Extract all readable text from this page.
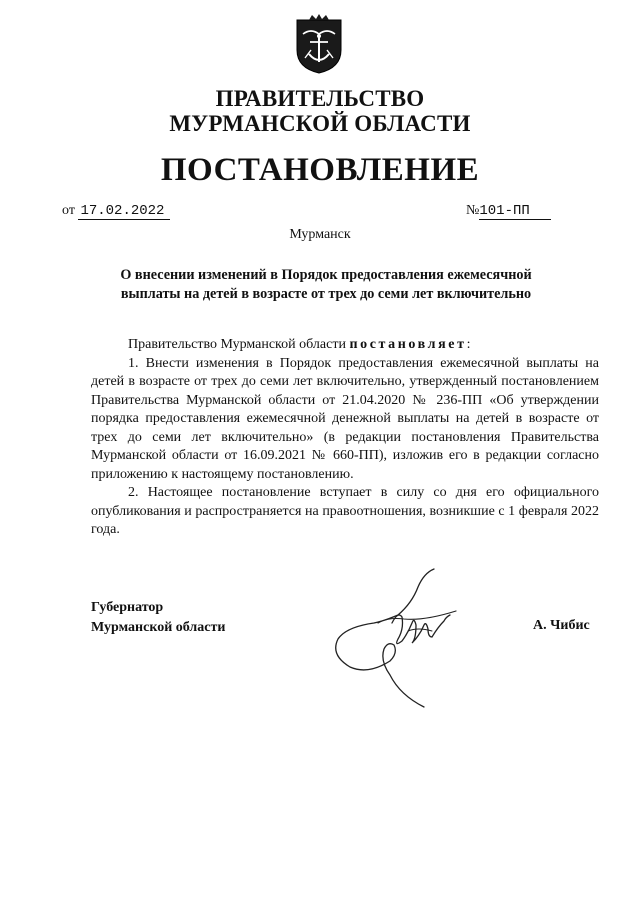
ПРАВИТЕЛЬСТВО
МУРМАНСКОЙ ОБЛАСТИ
ПОСТАНОВЛЕНИЕ
от 17.02.2022	№101-ПП
Мурманск
О внесении изменений в Порядок предоставления ежемесячной
выплаты на детей в возрасте от трех до семи лет включительно

Правительство Мурманской области постановляет:

1. Внести изменения в Порядок предоставления ежемесячной выплаты на детей в возрасте от трех до семи лет включительно, утвержденный постановлением Правительства Мурманской области от 21.04.2020 № 236-ПП «Об утверждении порядка предоставления ежемесячной денежной выплаты на детей в возрасте от трех до семи лет включительно» (в редакции постановления Правительства Мурманской области от 16.09.2021 № 660-ПП), изложив его в редакции согласно приложению к настоящему постановлению.

2. Настоящее постановление вступает в силу со дня его официального опубликования и распространяется на правоотношения, возникшие с 1 февраля 2022 года.

Губернатор
Мурманской области	А. Чибис
